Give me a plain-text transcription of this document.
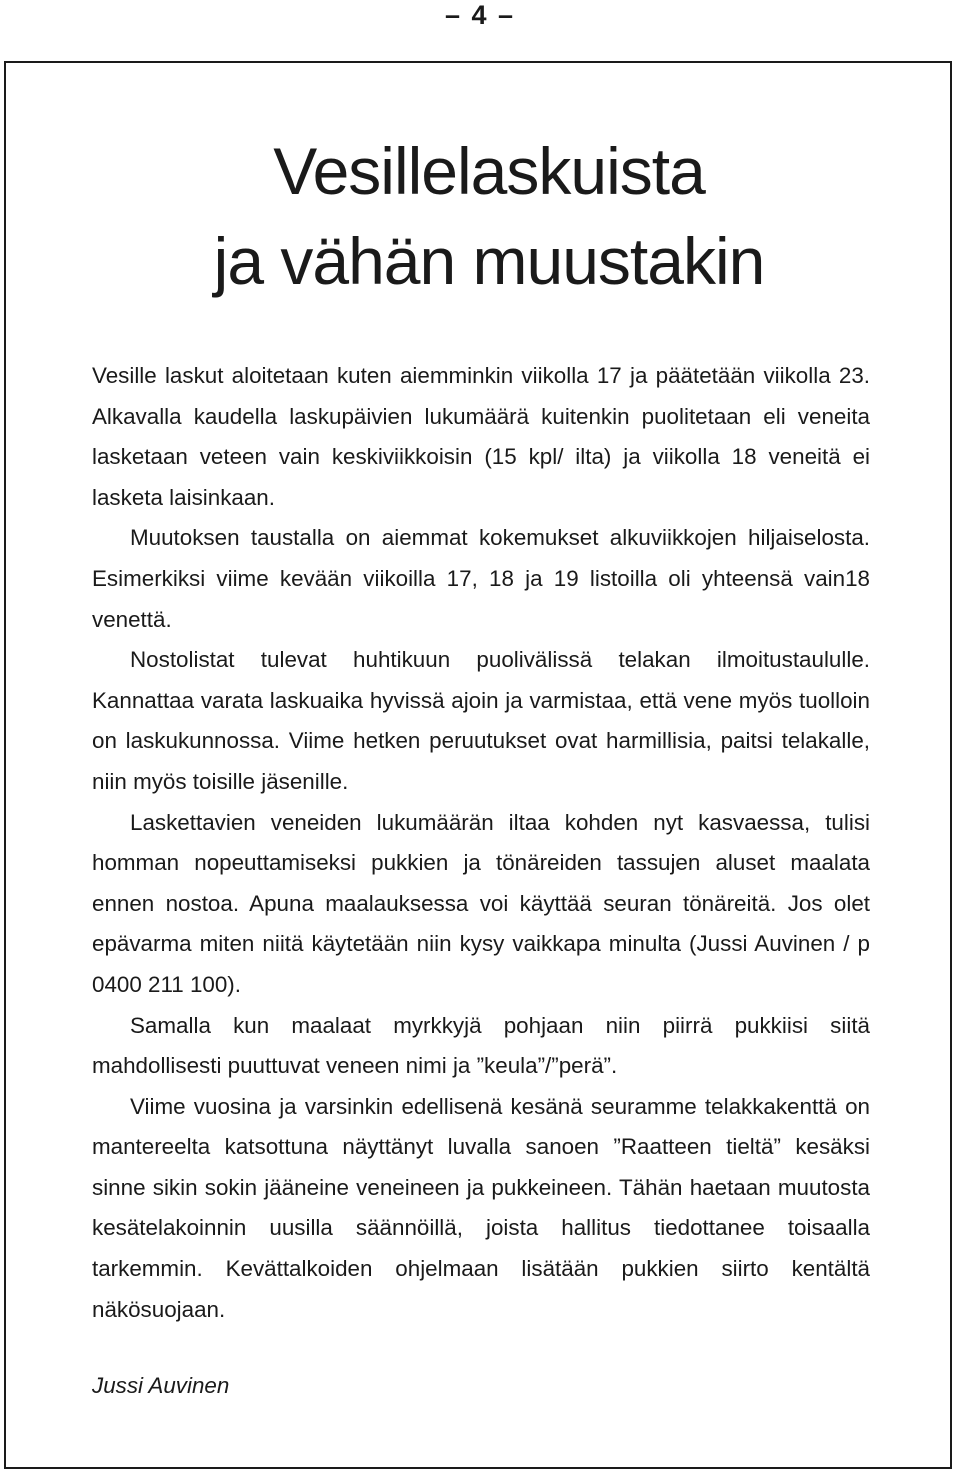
– 4 –
Vesillelaskuista
ja vähän muustakin

Vesille laskut aloitetaan kuten aiemminkin viikolla 17 ja päätetään viikolla 23. Alkavalla kaudella laskupäivien lukumäärä kuitenkin puolitetaan eli veneita lasketaan veteen vain keskiviikkoisin (15 kpl/ ilta) ja viikolla 18 veneitä ei lasketa laisinkaan.

Muutoksen taustalla on aiemmat kokemukset alkuviikkojen hiljaiselosta. Esimerkiksi viime kevään viikoilla 17, 18 ja 19 listoilla oli yhteensä vain18 venettä.

Nostolistat tulevat huhtikuun puolivälissä telakan ilmoitustaululle. Kannattaa varata laskuaika hyvissä ajoin ja varmistaa, että vene myös tuolloin on laskukunnossa. Viime hetken peruutukset ovat harmillisia, paitsi telakalle, niin myös toisille jäsenille.

Laskettavien veneiden lukumäärän iltaa kohden nyt kasvaessa, tulisi homman nopeuttamiseksi pukkien ja tönäreiden tassujen aluset maalata ennen nostoa. Apuna maalauksessa voi käyttää seuran tönäreitä. Jos olet epävarma miten niitä käytetään niin kysy vaikkapa minulta (Jussi Auvinen / p 0400 211 100).

Samalla kun maalaat myrkkyjä pohjaan niin piirrä pukkiisi siitä mahdollisesti puuttuvat veneen nimi ja ”keula”/”perä”.

Viime vuosina ja varsinkin edellisenä kesänä seuramme telakkakenttä on mantereelta katsottuna näyttänyt luvalla sanoen ”Raatteen tieltä” kesäksi sinne sikin sokin jääneine veneineen ja pukkeineen. Tähän haetaan muutosta kesätelakoinnin uusilla säännöillä, joista hallitus tiedottanee toisaalla tarkemmin. Kevättalkoiden ohjelmaan lisätään pukkien siirto kentältä näkösuojaan.

Jussi Auvinen
